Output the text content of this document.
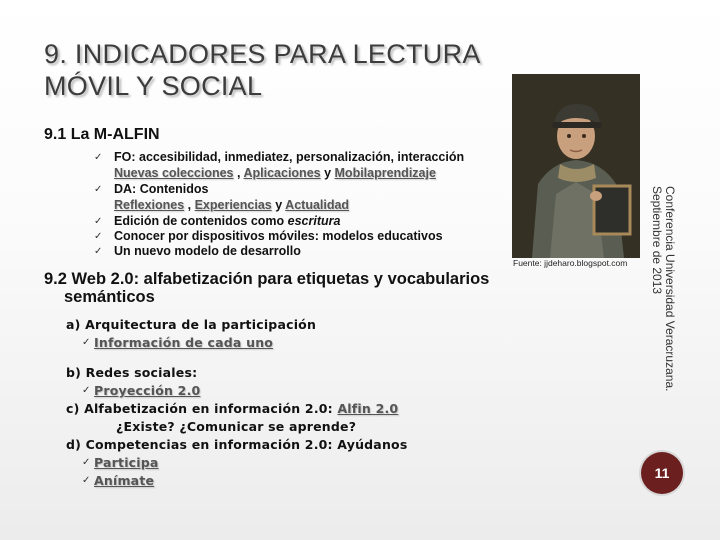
9. INDICADORES PARA LECTURA
MÓVIL Y SOCIAL
9.1 La M-ALFIN
✓ FO: accesibilidad, inmediatez, personalización, interacción
Nuevas colecciones , Aplicaciones y Mobilaprendizaje
✓ DA: Contenidos
Reflexiones , Experiencias y Actualidad
✓ Edición de contenidos como escritura
✓ Conocer por dispositivos móviles: modelos educativos
✓ Un nuevo modelo de desarrollo
Fuente: jjdeharo.blogspot.com	Conferencia Universidad Veracruzana.
Septiembre de 2013
9.2 Web 2.0: alfabetización para etiquetas y vocabularios
semánticos
a) Arquitectura de la participación
✓ Información de cada uno
b) Redes sociales:
✓ Proyección 2.0
c) Alfabetización en información 2.0: Alfin 2.0
¿Existe? ¿Comunicar se aprende?
d) Competencias en información 2.0: Ayúdanos
✓ Participa
✓ Anímate	11
